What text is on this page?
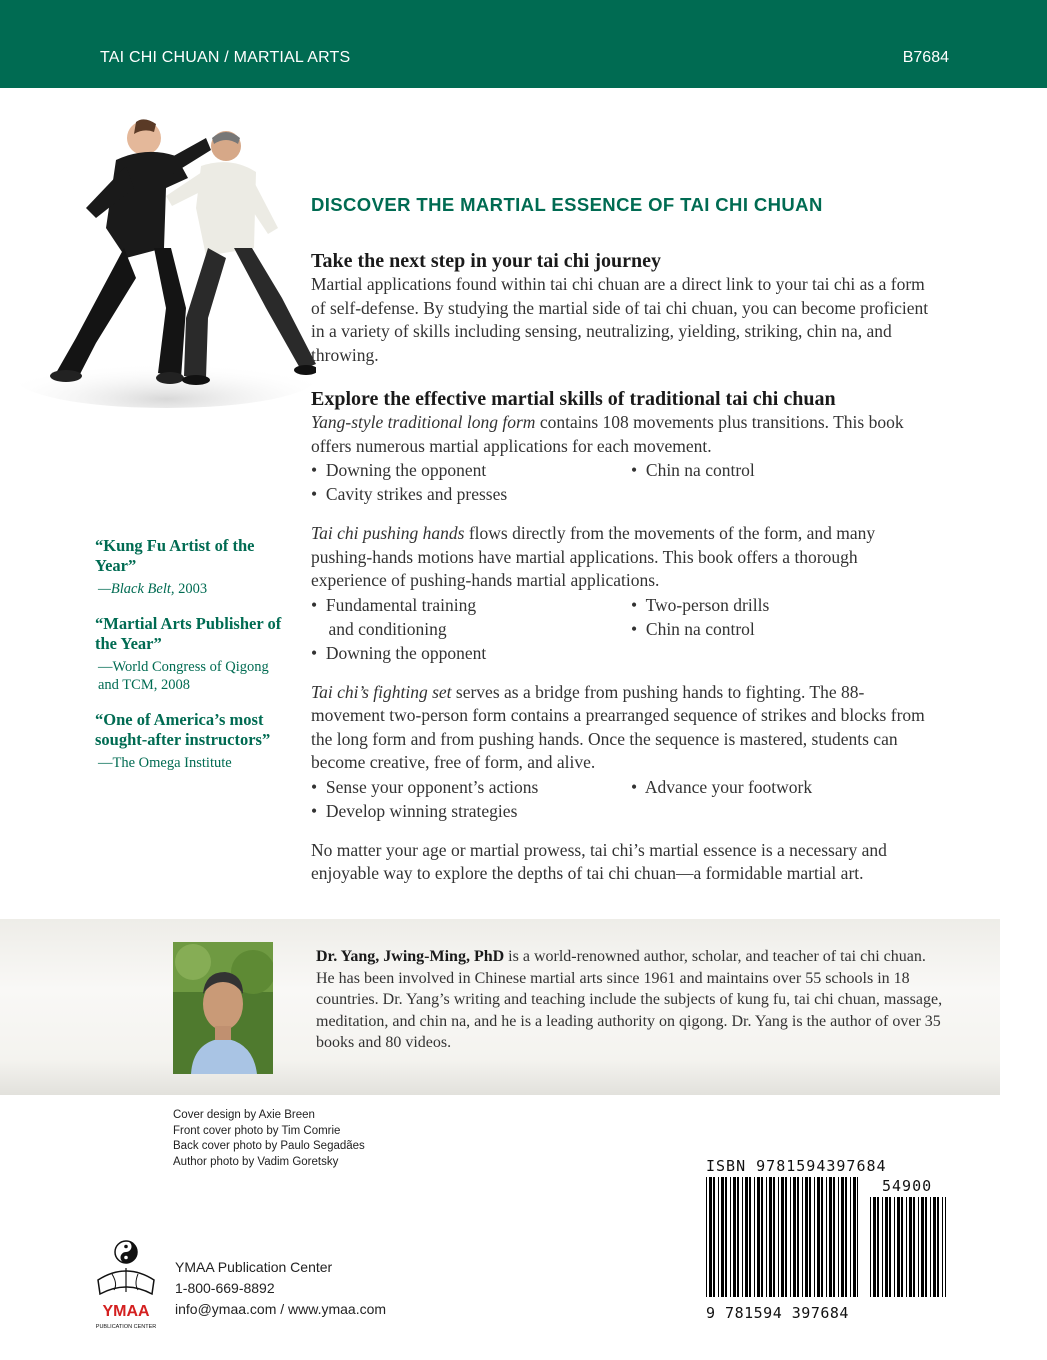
TAI CHI CHUAN / MARTIAL ARTS	B7684
“Kung Fu Artist of the Year”
—Black Belt, 2003
“Martial Arts Publisher of the Year”
—World Congress of Qigong and TCM, 2008
“One of America’s most sought-after instructors”
—The Omega Institute
DISCOVER THE MARTIAL ESSENCE OF TAI CHI CHUAN
Take the next step in your tai chi journey
Martial applications found within tai chi chuan are a direct link to your tai chi as a form of self-defense. By studying the martial side of tai chi chuan, you can become proficient in a variety of skills including sensing, neutralizing, yielding, striking, chin na, and throwing.
Explore the effective martial skills of traditional tai chi chuan
Yang-style traditional long form contains 108 movements plus transitions. This book offers numerous martial applications for each movement.
•  Downing the opponent	•  Chin na control
•  Cavity strikes and presses
Tai chi pushing hands flows directly from the movements of the form, and many pushing-hands motions have martial applications. This book offers a thorough experience of pushing-hands martial applications.
•  Fundamental training	•  Two-person drills
and conditioning	•  Chin na control
•  Downing the opponent
Tai chi’s fighting set serves as a bridge from pushing hands to fighting. The 88-movement two-person form contains a prearranged sequence of strikes and blocks from the long form and from pushing hands. Once the sequence is mastered, students can become creative, free of form, and alive.
•  Sense your opponent’s actions	•  Advance your footwork
•  Develop winning strategies
No matter your age or martial prowess, tai chi’s martial essence is a necessary and enjoyable way to explore the depths of tai chi chuan—a formidable martial art.
Dr. Yang, Jwing-Ming, PhD is a world-renowned author, scholar, and teacher of tai chi chuan. He has been involved in Chinese martial arts since 1961 and maintains over 55 schools in 18 countries. Dr. Yang’s writing and teaching include the subjects of kung fu, tai chi chuan, massage, meditation, and chin na, and he is a leading authority on qigong. Dr. Yang is the author of over 35 books and 80 videos.
Cover design by Axie Breen
Front cover photo by Tim Comrie
Back cover photo by Paulo Segadães
Author photo by Vadim Goretsky
YMAA
PUBLICATION CENTER
YMAA Publication Center
1-800-669-8892
info@ymaa.com / www.ymaa.com
ISBN 9781594397684
54900
9 781594 397684
